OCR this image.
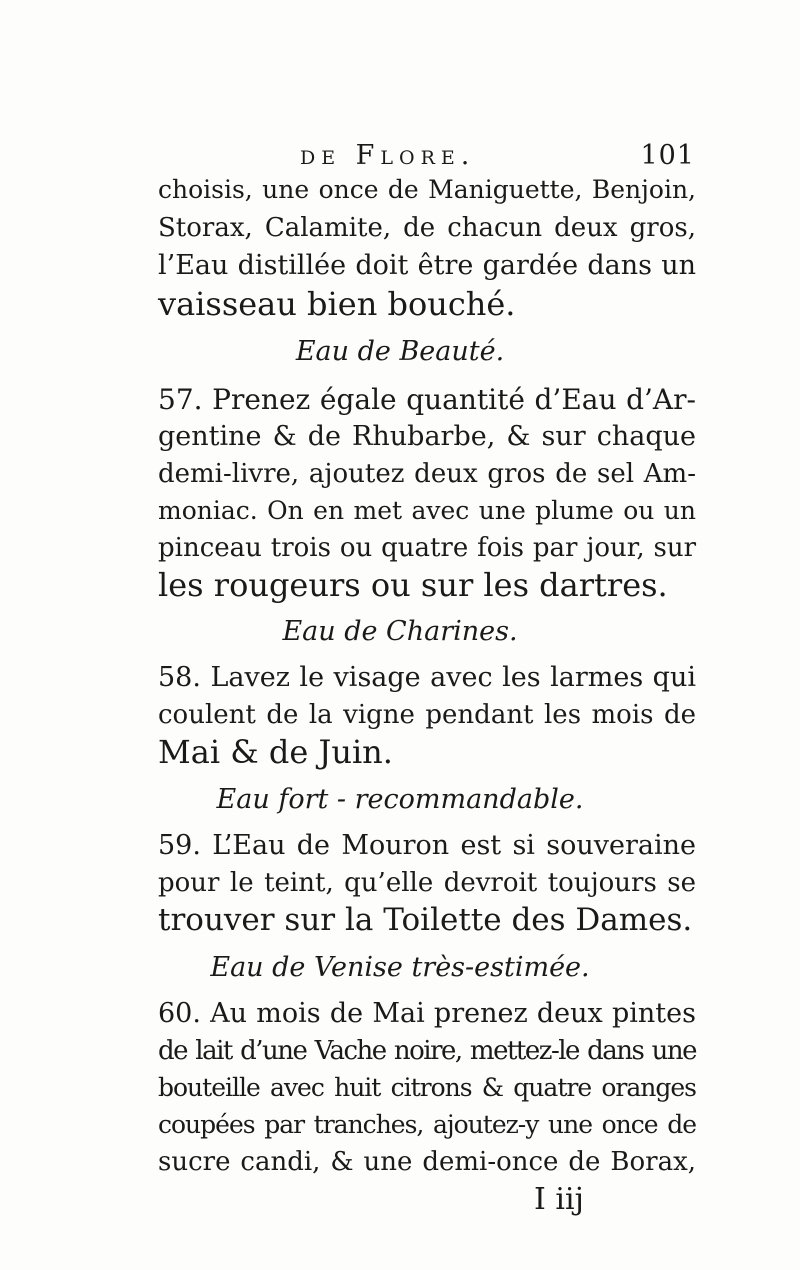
de Flore.	101
choisis, une once de Maniguette, Benjoin,
Storax, Calamite, de chacun deux gros,
l’Eau distillée doit être gardée dans un
vaisseau bien bouché.
Eau de Beauté.
57. Prenez égale quantité d’Eau d’Ar-
gentine & de Rhubarbe, & sur chaque
demi-livre, ajoutez deux gros de sel Am-
moniac. On en met avec une plume ou un
pinceau trois ou quatre fois par jour, sur
les rougeurs ou sur les dartres.
Eau de Charines.
58. Lavez le visage avec les larmes qui
coulent de la vigne pendant les mois de
Mai & de Juin.
Eau fort - recommandable.
59. L’Eau de Mouron est si souveraine
pour le teint, qu’elle devroit toujours se
trouver sur la Toilette des Dames.
Eau de Venise très-estimée.
60. Au mois de Mai prenez deux pintes
de lait d’une Vache noire, mettez-le dans une
bouteille avec huit citrons & quatre oranges
coupées par tranches, ajoutez-y une once de
sucre candi, & une demi-once de Borax,
I iij
